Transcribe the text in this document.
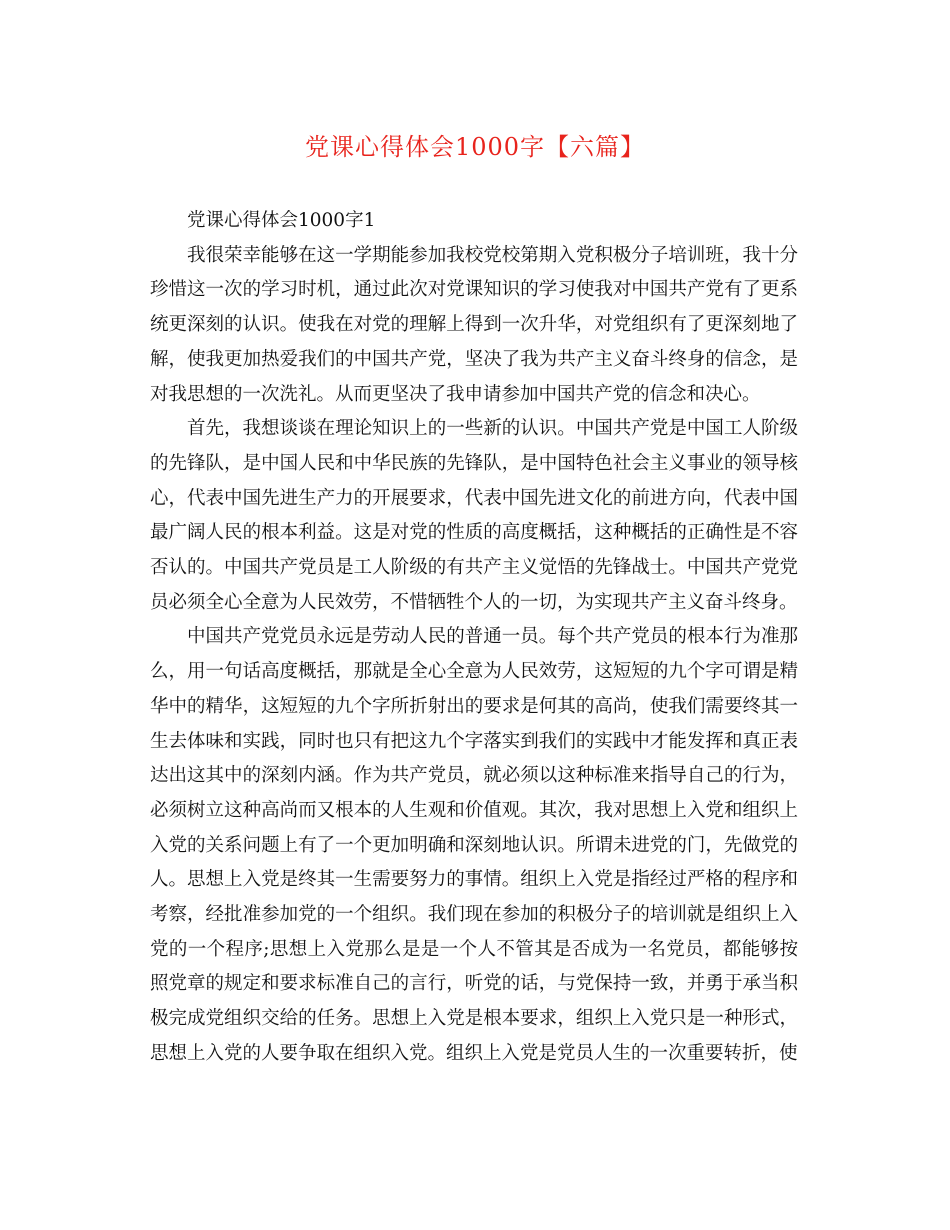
党课心得体会1000字【六篇】

党课心得体会1000字1

我很荣幸能够在这一学期能参加我校党校第期入党积极分子培训班，我十分珍惜这一次的学习时机，通过此次对党课知识的学习使我对中国共产党有了更系统更深刻的认识。使我在对党的理解上得到一次升华，对党组织有了更深刻地了解，使我更加热爱我们的中国共产党，坚决了我为共产主义奋斗终身的信念，是对我思想的一次洗礼。从而更坚决了我申请参加中国共产党的信念和决心。

首先，我想谈谈在理论知识上的一些新的认识。中国共产党是中国工人阶级的先锋队，是中国人民和中华民族的先锋队，是中国特色社会主义事业的领导核心，代表中国先进生产力的开展要求，代表中国先进文化的前进方向，代表中国最广阔人民的根本利益。这是对党的性质的高度概括，这种概括的正确性是不容否认的。中国共产党员是工人阶级的有共产主义觉悟的先锋战士。中国共产党党员必须全心全意为人民效劳，不惜牺牲个人的一切，为实现共产主义奋斗终身。

中国共产党党员永远是劳动人民的普通一员。每个共产党员的根本行为准那么，用一句话高度概括，那就是全心全意为人民效劳，这短短的九个字可谓是精华中的精华，这短短的九个字所折射出的要求是何其的高尚，使我们需要终其一生去体味和实践，同时也只有把这九个字落实到我们的实践中才能发挥和真正表达出这其中的深刻内涵。作为共产党员，就必须以这种标准来指导自己的行为，必须树立这种高尚而又根本的人生观和价值观。其次，我对思想上入党和组织上入党的关系问题上有了一个更加明确和深刻地认识。所谓未进党的门，先做党的人。思想上入党是终其一生需要努力的事情。组织上入党是指经过严格的程序和考察，经批准参加党的一个组织。我们现在参加的积极分子的培训就是组织上入党的一个程序;思想上入党那么是是一个人不管其是否成为一名党员，都能够按照党章的规定和要求标准自己的言行，听党的话，与党保持一致，并勇于承当积极完成党组织交给的任务。思想上入党是根本要求，组织上入党只是一种形式，思想上入党的人要争取在组织入党。组织上入党是党员人生的一次重要转折，使
